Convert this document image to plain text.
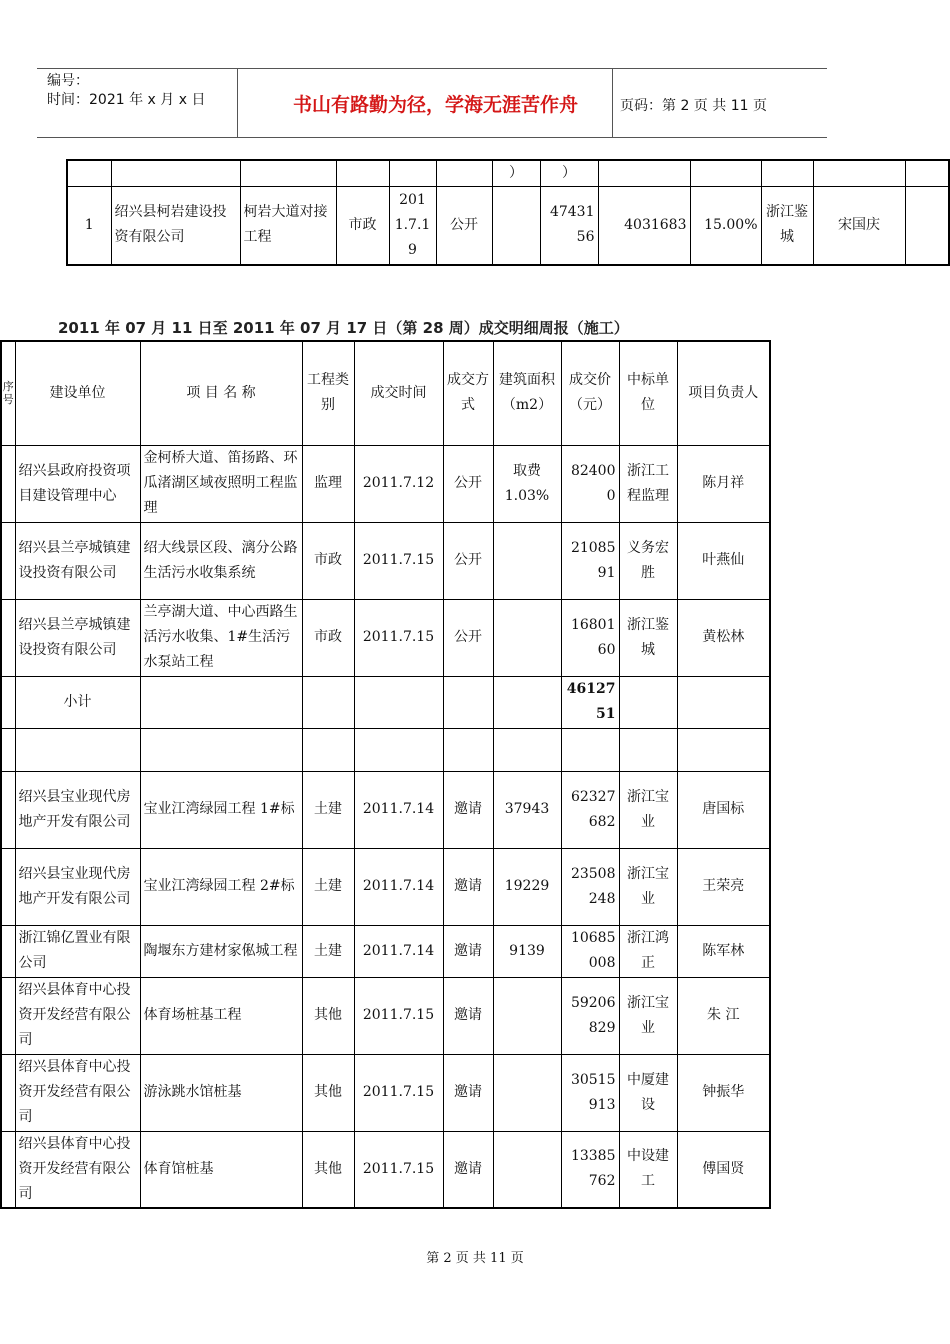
编号：
时间：2021 年 x 月 x 日	书山有路勤为径，学海无涯苦作舟	页码：第 2 页 共 11 页
						）	）					
1	绍兴县柯岩建设投资有限公司	柯岩大道对接工程	市政	2011.7.19	公开		4743156	4031683	15.00%	浙江鉴城	宋国庆	
2011 年 07 月 11 日至 2011 年 07 月 17 日（第 28 周）成交明细周报（施工）
序号	建设单位	项 目 名 称	工程类别	成交时间	成交方式	建筑面积（m2）	成交价（元）	中标单位	项目负责人
	绍兴县政府投资项目建设管理中心	金柯桥大道、笛扬路、环瓜渚湖区域夜照明工程监理	监理	2011.7.12	公开	取费 1.03%	824000	浙江工程监理	陈月祥
	绍兴县兰亭城镇建设投资有限公司	绍大线景区段、漓分公路生活污水收集系统	市政	2011.7.15	公开		2108591	义务宏胜	叶燕仙
	绍兴县兰亭城镇建设投资有限公司	兰亭湖大道、中心西路生活污水收集、1#生活污水泵站工程	市政	2011.7.15	公开		1680160	浙江鉴城	黄松林
	小计						4612751		

	绍兴县宝业现代房地产开发有限公司	宝业江湾绿园工程 1#标	土建	2011.7.14	邀请	37943	62327682	浙江宝业	唐国标
	绍兴县宝业现代房地产开发有限公司	宝业江湾绿园工程 2#标	土建	2011.7.14	邀请	19229	23508248	浙江宝业	王荣亮
	浙江锦亿置业有限公司	陶堰东方建材家俬城工程	土建	2011.7.14	邀请	9139	10685008	浙江鸿正	陈军林
	绍兴县体育中心投资开发经营有限公司	体育场桩基工程	其他	2011.7.15	邀请		59206829	浙江宝业	朱 江
	绍兴县体育中心投资开发经营有限公司	游泳跳水馆桩基	其他	2011.7.15	邀请		30515913	中厦建设	钟振华
	绍兴县体育中心投资开发经营有限公司	体育馆桩基	其他	2011.7.15	邀请		13385762	中设建工	傅国贤
第 2 页 共 11 页
